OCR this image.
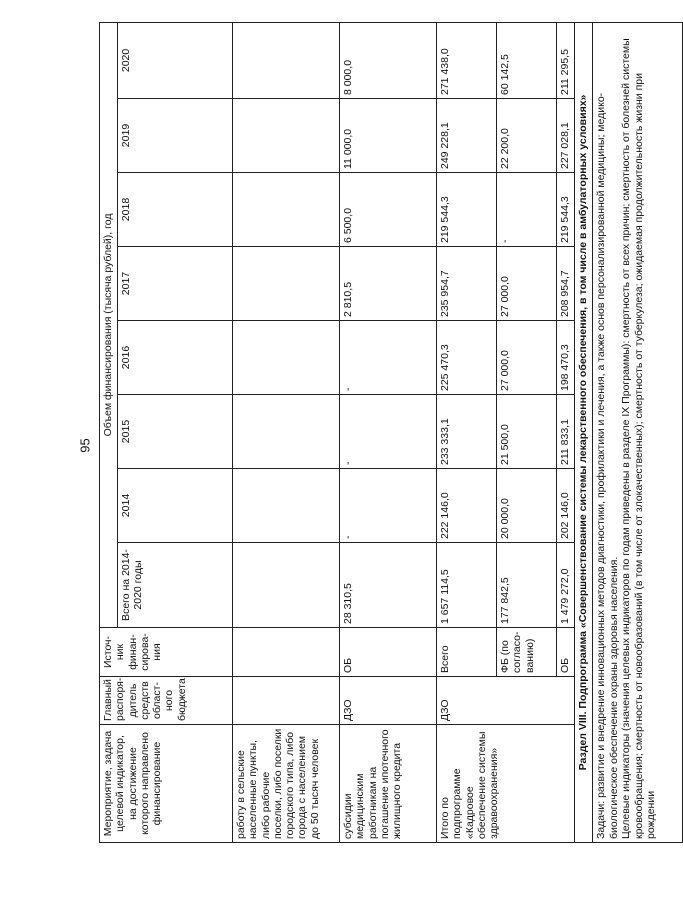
95
Мероприятие, задача целевой индикатор, на достижение которого направлено финансирование	Главный распоря-дитель средств област-ного бюджета	Источ-ник финан-сирова-ния	Объем финансирования (тысяча рублей), год							
			Всего на 2014-2020 годы	2014	2015	2016	2017	2018	2019	2020
работу в сельские населенные пункты, либо рабочие поселки, либо поселки городского типа, либо города с населением до 50 тысяч человек										
субсидии медицинским работникам на погашение ипотечного жилищного кредита	ДЗО	ОБ	28 310,5	-	-	-	2 810,5	6 500,0	11 000,0	8 000,0
Итого по подпрограмме «Кадровое обеспечение системы здравоохранения»	ДЗО	Всего	1 657 114,5	222 146,0	233 333,1	225 470,3	235 954,7	219 544,3	249 228,1	271 438,0
		ФБ (по согласо-ванию)	177 842,5	20 000,0	21 500,0	27 000,0	27 000,0	-	22 200,0	60 142,5
		ОБ	1 479 272,0	202 146,0	211 833,1	198 470,3	208 954,7	219 544,3	227 028,1	211 295,5
Раздел VIII. Подпрограмма «Совершенствование системы лекарственного обеспечения, в том числе в амбулаторных условиях»										

Задачи: развитие и внедрение инновационных методов диагностики, профилактики и лечения, а также основ персонализированной медицины; медико-биологическое обеспечение охраны здоровья населения. Целевые индикаторы (значения целевых индикаторов по годам приведены в разделе IX Программы): смертность от всех причин; смертность от болезней системы кровообращения; смертность от новообразований (в том числе от злокачественных); смертность от туберкулеза; ожидаемая продолжительность жизни при рождении										
